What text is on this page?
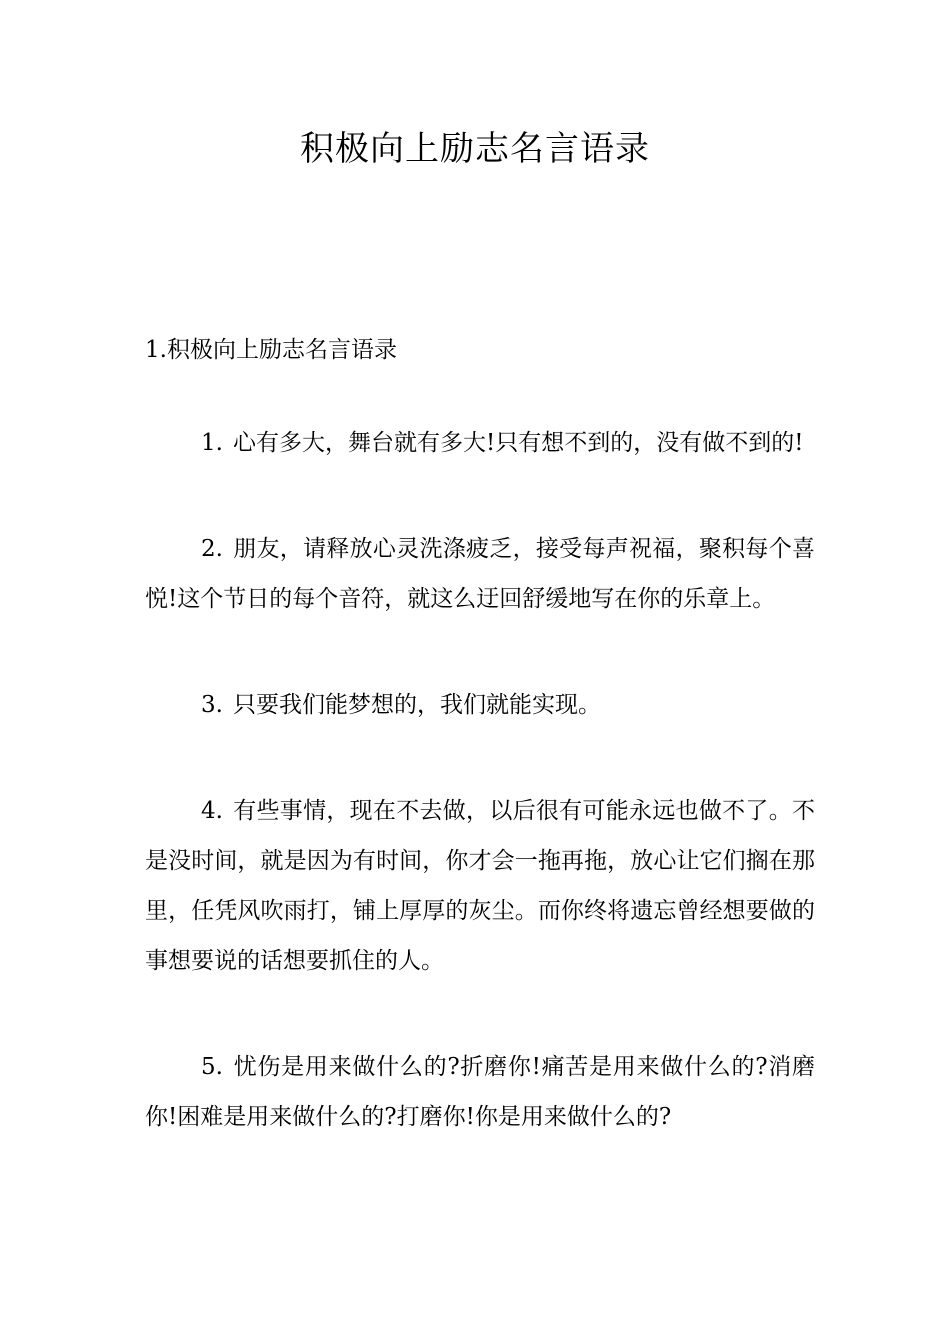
积极向上励志名言语录
1.积极向上励志名言语录

1. 心有多大，舞台就有多大!只有想不到的，没有做不到的!

2. 朋友，请释放心灵洗涤疲乏，接受每声祝福，聚积每个喜悦!这个节日的每个音符，就这么迂回舒缓地写在你的乐章上。

3. 只要我们能梦想的，我们就能实现。

4. 有些事情，现在不去做，以后很有可能永远也做不了。不是没时间，就是因为有时间，你才会一拖再拖，放心让它们搁在那里，任凭风吹雨打，铺上厚厚的灰尘。而你终将遗忘曾经想要做的事想要说的话想要抓住的人。

5. 忧伤是用来做什么的?折磨你!痛苦是用来做什么的?消磨你!困难是用来做什么的?打磨你!你是用来做什么的?
